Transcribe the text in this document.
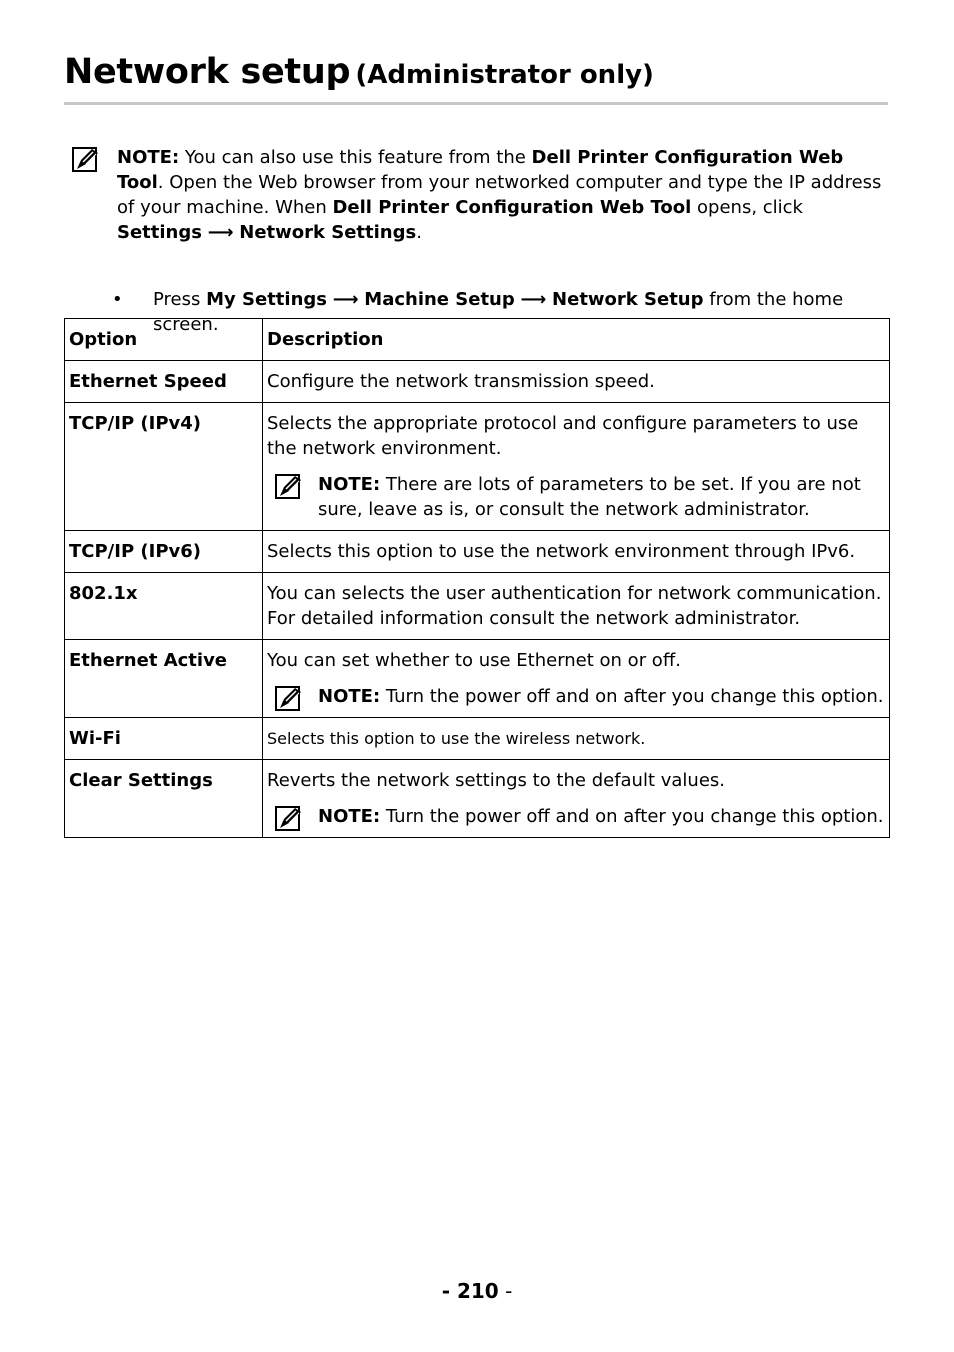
Network setup (Administrator only)
NOTE: You can also use this feature from the Dell Printer Configuration Web Tool. Open the Web browser from your networked computer and type the IP address of your machine. When Dell Printer Configuration Web Tool opens, click Settings ⟶ Network Settings.
• Press My Settings ⟶ Machine Setup ⟶ Network Setup from the home screen.
Option	Description
Ethernet Speed	Configure the network transmission speed.
TCP/IP (IPv4)	Selects the appropriate protocol and configure parameters to use the network environment.
NOTE: There are lots of parameters to be set. If you are not sure, leave as is, or consult the network administrator.

TCP/IP (IPv6)	Selects this option to use the network environment through IPv6.
802.1x	You can selects the user authentication for network communication. For detailed information consult the network administrator.
Ethernet Active	You can set whether to use Ethernet on or off.
NOTE: Turn the power off and on after you change this option.

Wi-Fi	Selects this option to use the wireless network.
Clear Settings	Reverts the network settings to the default values.
NOTE: Turn the power off and on after you change this option.
- 210 -
